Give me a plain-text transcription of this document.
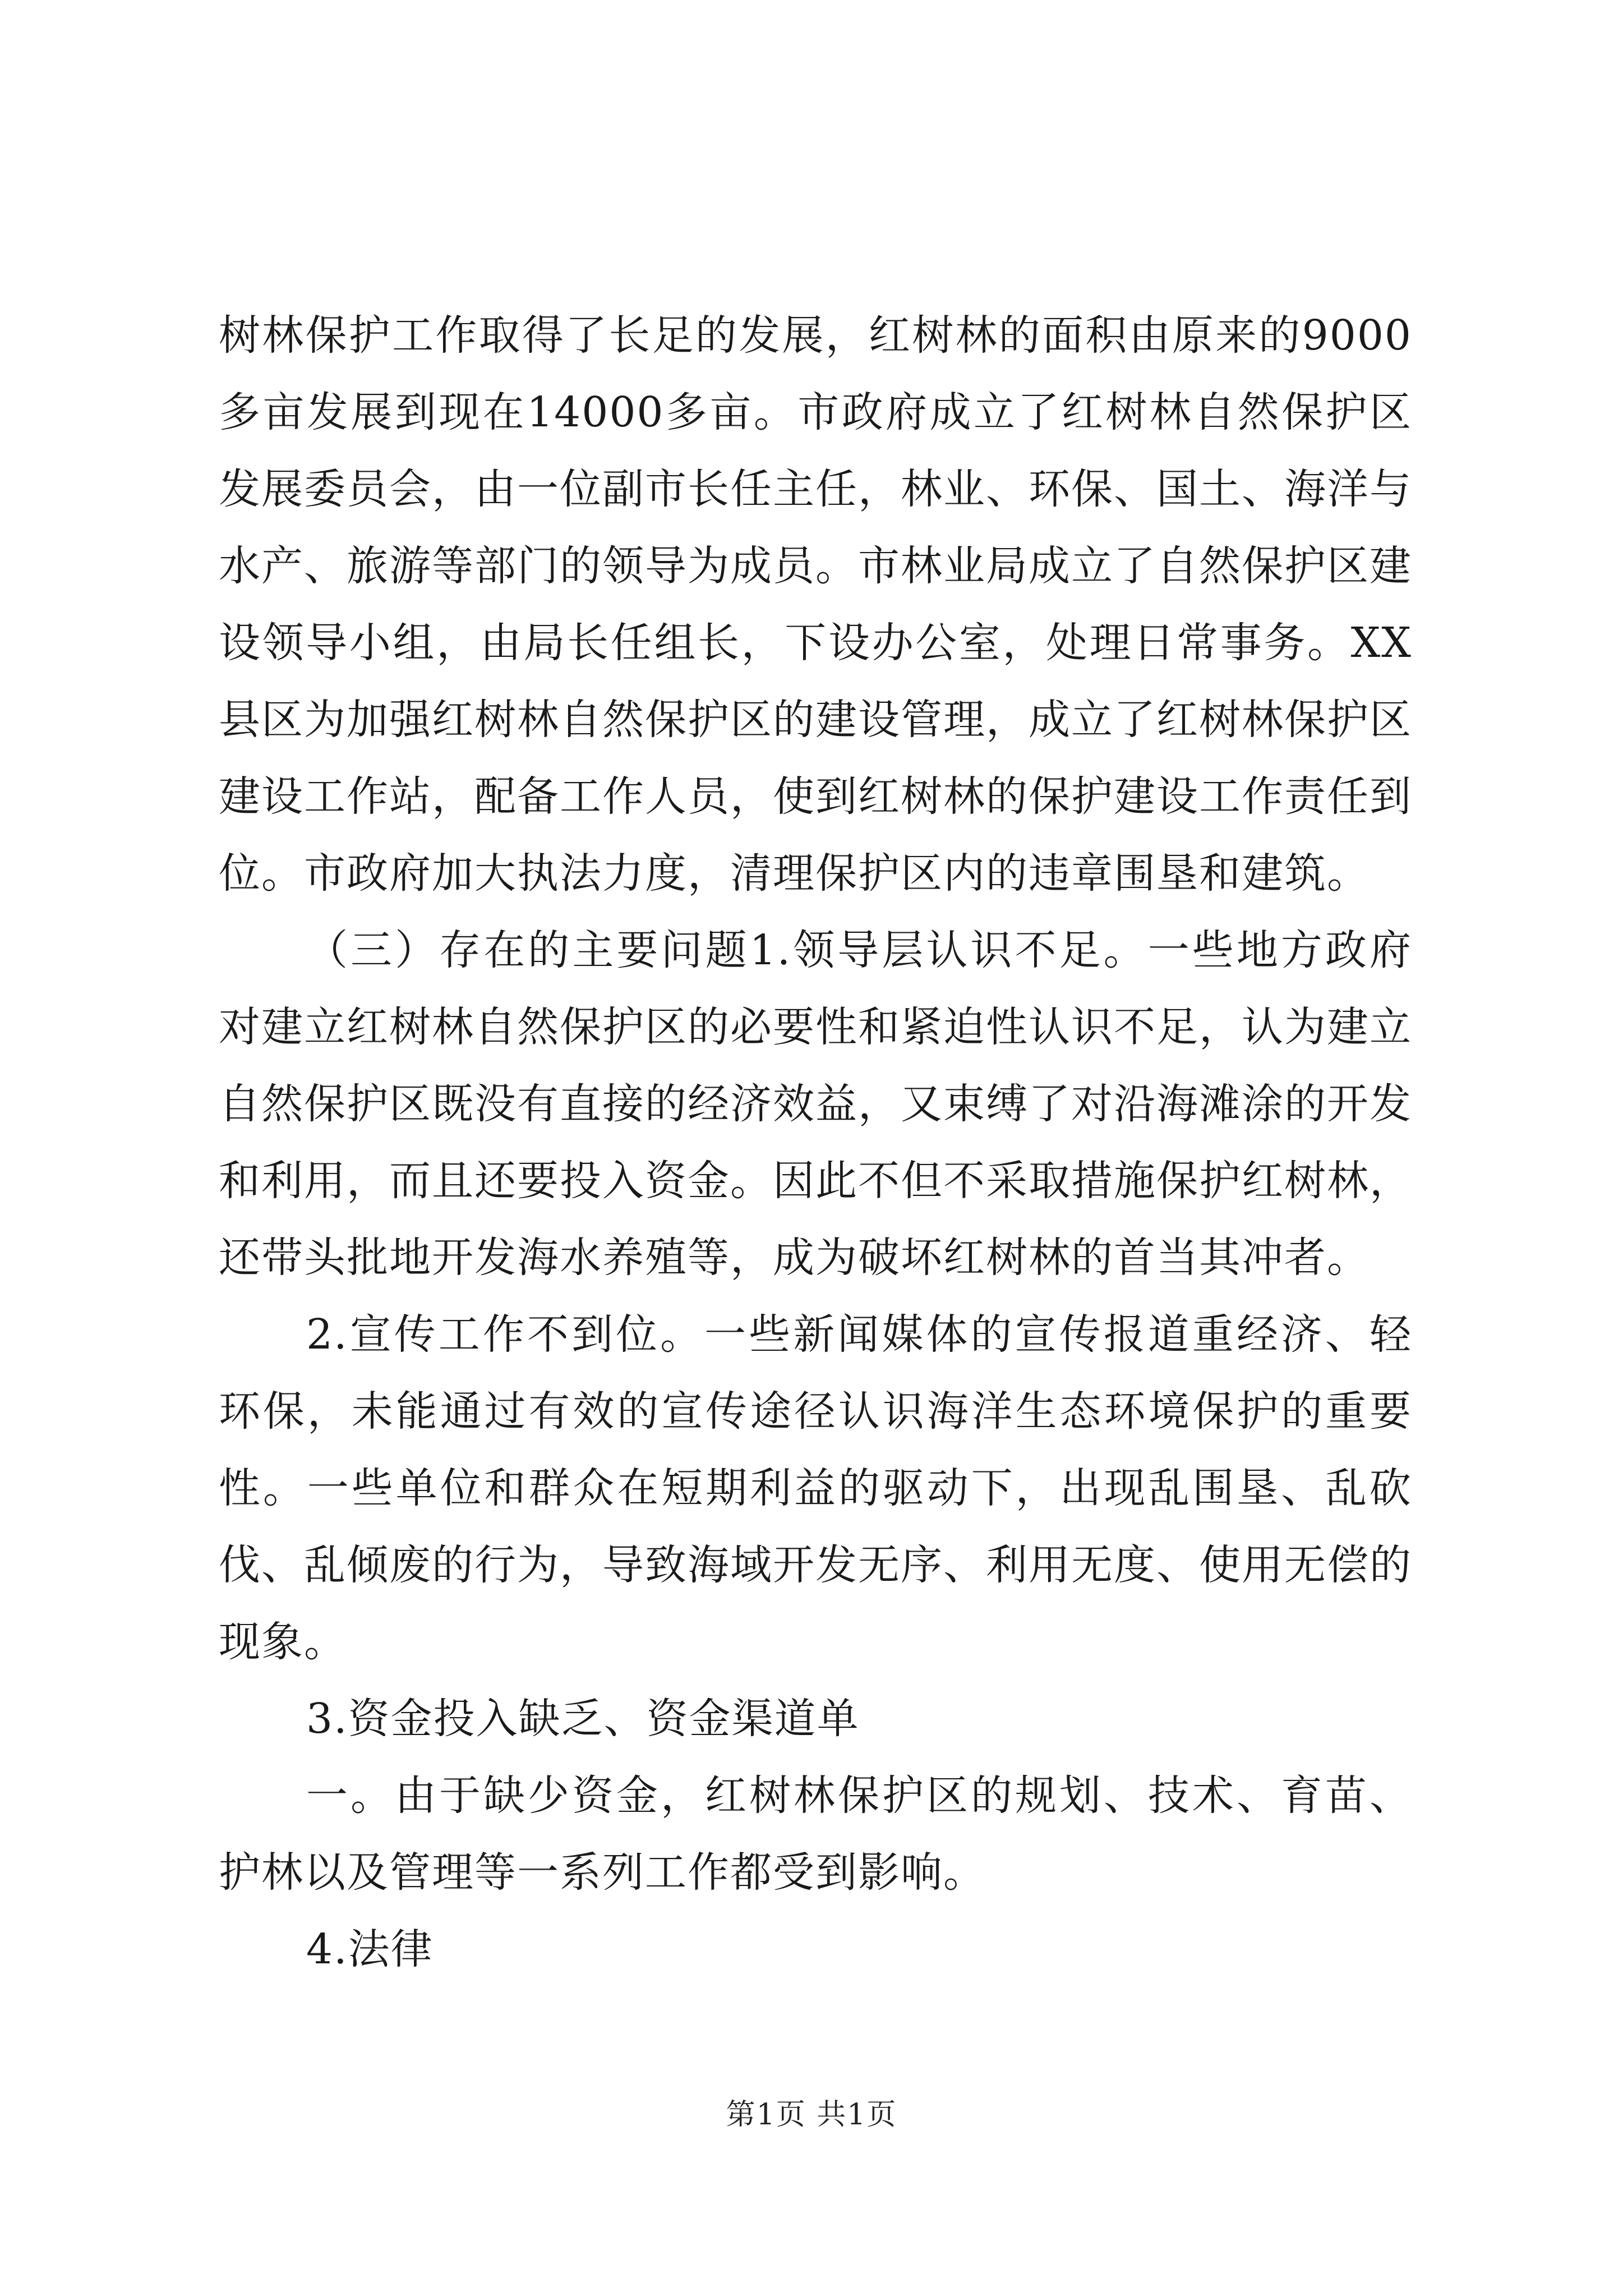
树林保护工作取得了长足的发展，红树林的面积由原来的9000多亩发展到现在14000多亩。市政府成立了红树林自然保护区发展委员会，由一位副市长任主任，林业、环保、国土、海洋与水产、旅游等部门的领导为成员。市林业局成立了自然保护区建设领导小组，由局长任组长，下设办公室，处理日常事务。XX县区为加强红树林自然保护区的建设管理，成立了红树林保护区建设工作站，配备工作人员，使到红树林的保护建设工作责任到位。市政府加大执法力度，清理保护区内的违章围垦和建筑。

（三）存在的主要问题1.领导层认识不足。一些地方政府对建立红树林自然保护区的必要性和紧迫性认识不足，认为建立自然保护区既没有直接的经济效益，又束缚了对沿海滩涂的开发和利用，而且还要投入资金。因此不但不采取措施保护红树林，还带头批地开发海水养殖等，成为破坏红树林的首当其冲者。

2.宣传工作不到位。一些新闻媒体的宣传报道重经济、轻环保，未能通过有效的宣传途径认识海洋生态环境保护的重要性。一些单位和群众在短期利益的驱动下，出现乱围垦、乱砍伐、乱倾废的行为，导致海域开发无序、利用无度、使用无偿的现象。

3.资金投入缺乏、资金渠道单

一。由于缺少资金，红树林保护区的规划、技术、育苗、护林以及管理等一系列工作都受到影响。

4.法律

第1页 共1页
